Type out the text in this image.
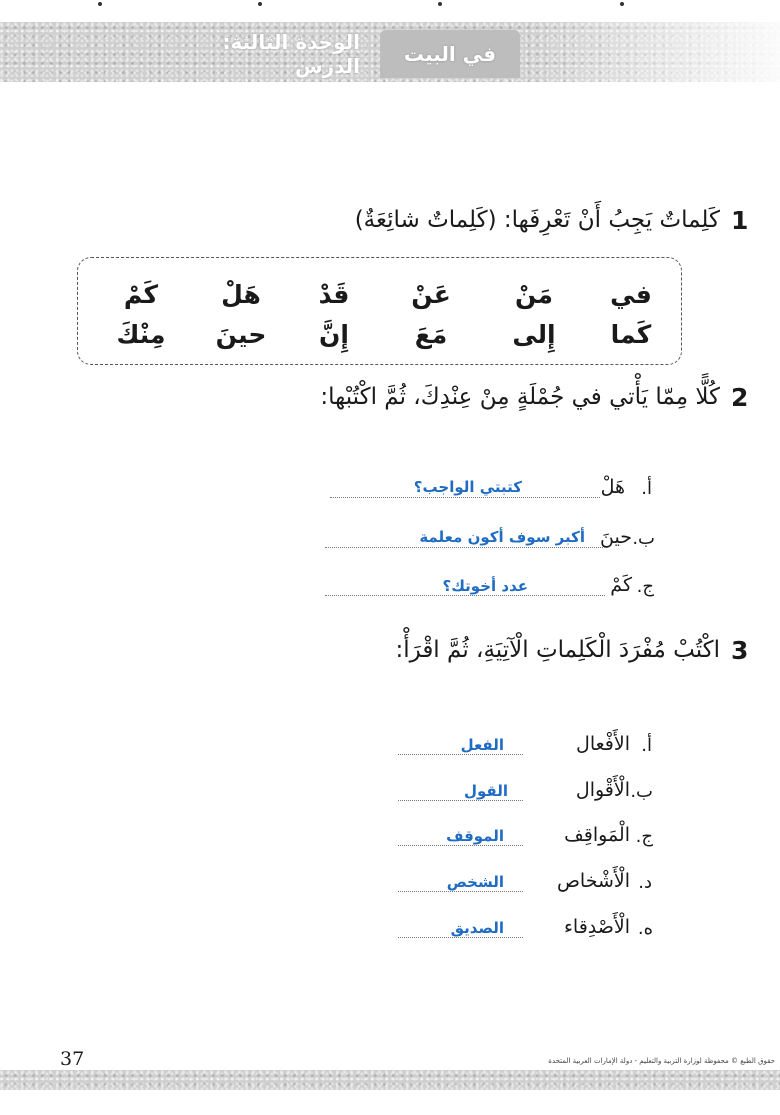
الوحدة الثالثة: الدرس	في البيت
1
كَلِماتٌ يَجِبُ أَنْ تَعْرِفَها: (كَلِماتٌ شائِعَةٌ)
في
مَنْ
عَنْ
قَدْ
هَلْ
كَمْ
كَما
إِلى
مَعَ
إِنَّ
حينَ
مِنْكَ
2
كُلًّا مِمّا يَأْتي في جُمْلَةٍ مِنْ عِنْدِكَ، ثُمَّ اكْتُبْها:
أ.
هَلْ
كتبتي الواجب؟
ب.
حينَ
أكبر سوف أكون معلمة
ج.
كَمْ
عدد أخوتك؟
3
اكْتُبْ مُفْرَدَ الْكَلِماتِ الْآتِيَةِ، ثُمَّ اقْرَأْ:
أ.
الأَفْعال
الفعل
ب.
الْأَقْوال
القول
ج.
الْمَواقِف
الموقف
د.
الْأَشْخاص
الشخص
ه.
الْأَصْدِقاء
الصديق
37	حقوق الطبع © محفوظة لوزارة التربية والتعليم - دولة الإمارات العربية المتحدة
